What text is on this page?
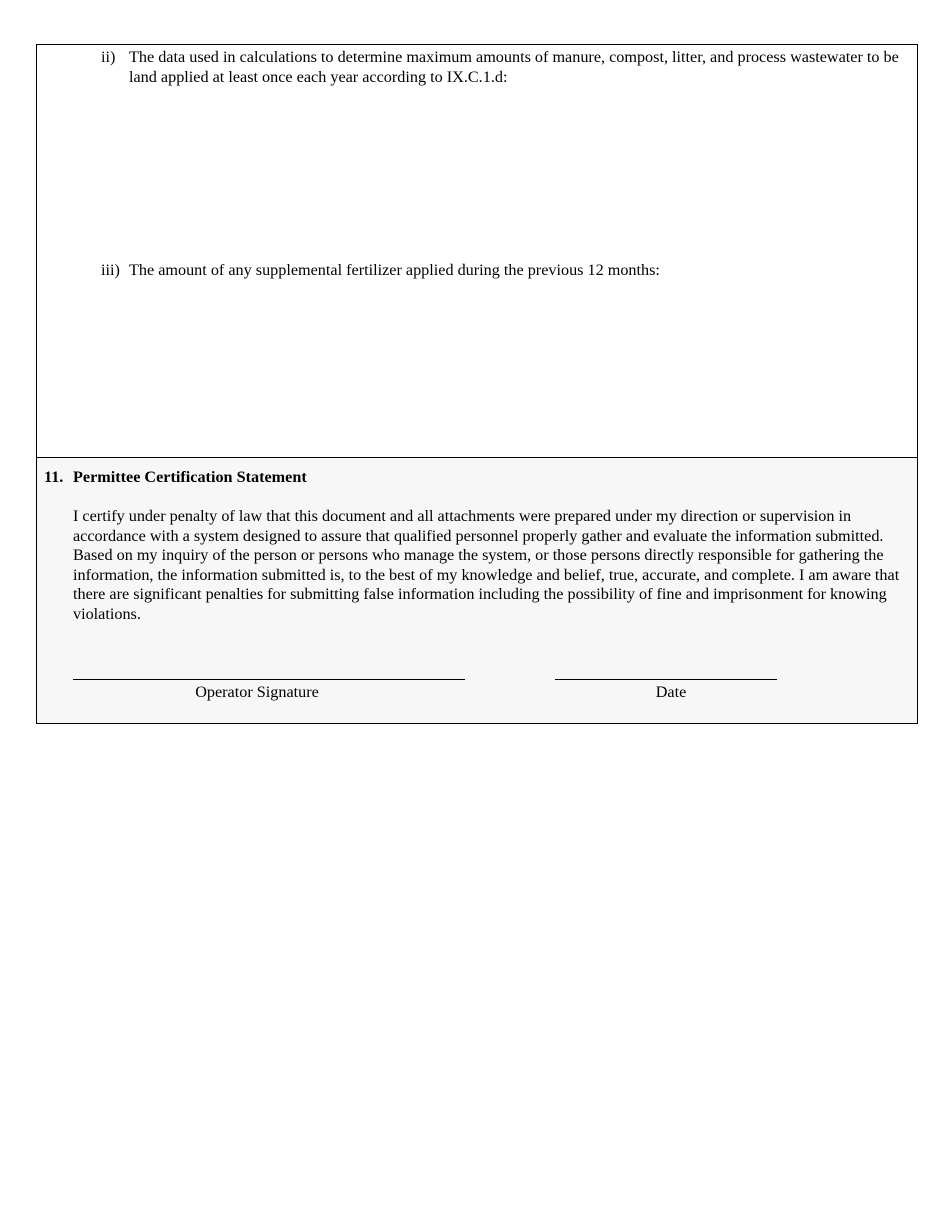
ii) The data used in calculations to determine maximum amounts of manure, compost, litter, and process wastewater to be land applied at least once each year according to IX.C.1.d:
iii) The amount of any supplemental fertilizer applied during the previous 12 months:
11. Permittee Certification Statement

I certify under penalty of law that this document and all attachments were prepared under my direction or supervision in accordance with a system designed to assure that qualified personnel properly gather and evaluate the information submitted. Based on my inquiry of the person or persons who manage the system, or those persons directly responsible for gathering the information, the information submitted is, to the best of my knowledge and belief, true, accurate, and complete. I am aware that there are significant penalties for submitting false information including the possibility of fine and imprisonment for knowing violations.

Operator Signature	Date
